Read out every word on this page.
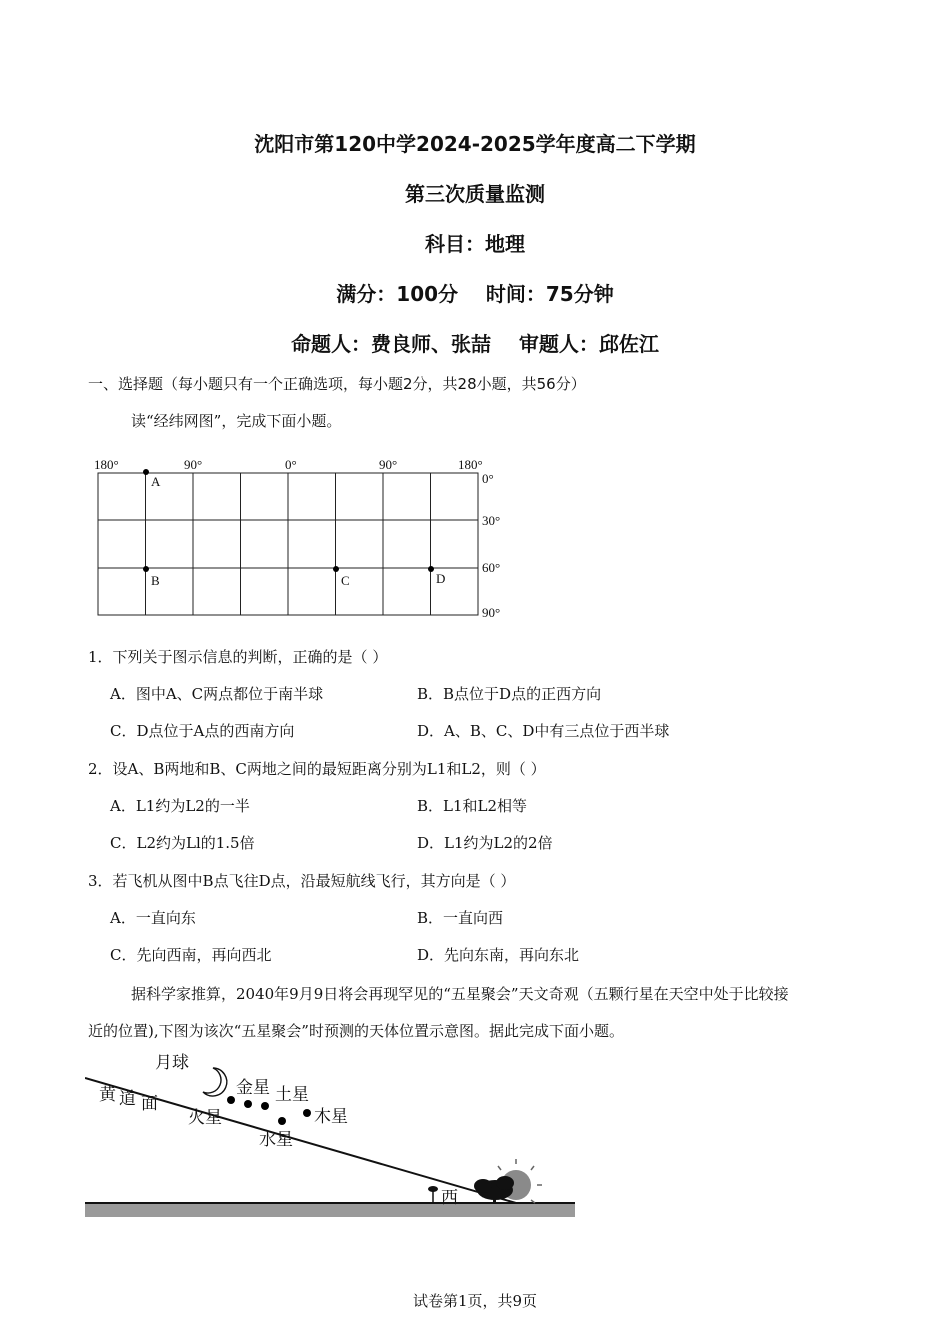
沈阳市第120中学2024-2025学年度高二下学期
第三次质量监测
科目：地理
满分：100分    时间：75分钟
命题人：费良师、张喆    审题人：邱佐江
一、选择题（每小题只有一个正确选项，每小题2分，共28小题，共56分）
读“经纬网图”，完成下面小题。
180°	90°	0°	90°	180°
0°
30°
60°
90°
A
B	C	D
1．下列关于图示信息的判断，正确的是（ ）
A．图中A、C两点都位于南半球	B．B点位于D点的正西方向
C．D点位于A点的西南方向	D．A、B、C、D中有三点位于西半球
2．设A、B两地和B、C两地之间的最短距离分别为L1和L2，则（ ）
A．L1约为L2的一半	B．L1和L2相等
C．L2约为Ll的1.5倍	D．L1约为L2的2倍
3．若飞机从图中B点飞往D点，沿最短航线飞行，其方向是（ ）
A．一直向东	B．一直向西
C．先向西南，再向西北	D．先向东南，再向东北
据科学家推算，2040年9月9日将会再现罕见的“五星聚会”天文奇观（五颗行星在天空中处于比较接
近的位置),下图为该次“五星聚会”时预测的天体位置示意图。据此完成下面小题。
月球
黄 道 面
金星 土星
火星	木星
水星
西
试卷第1页，共9页
